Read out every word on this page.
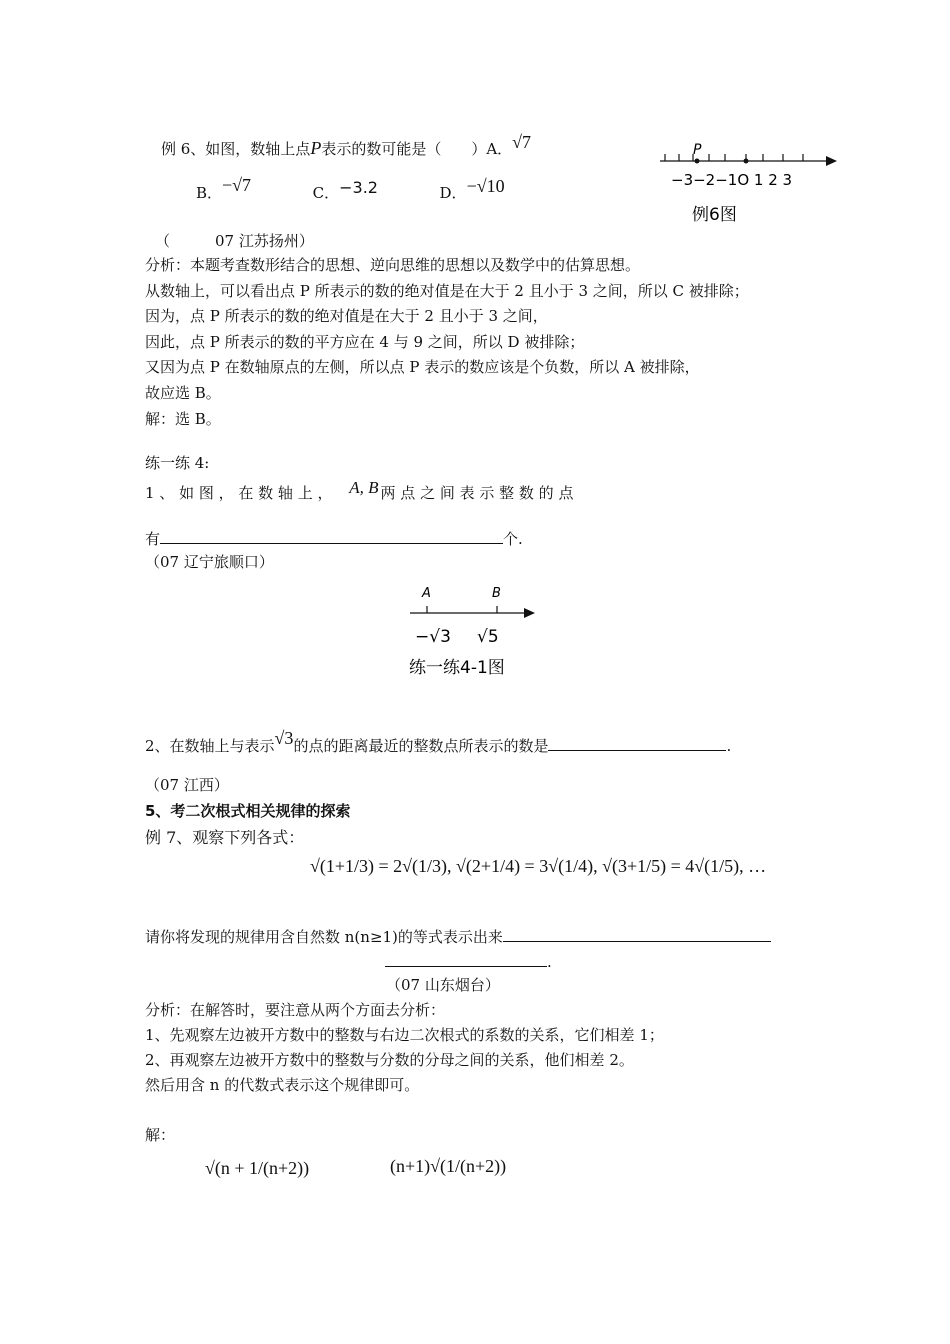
例 6、如图，数轴上点P表示的数可能是（　　）A．√7
B．−√7	C．−3.2	D．−√10
P
−3−2−1O 1 2 3
例6图
（　　　07 江苏扬州）
分析：本题考查数形结合的思想、逆向思维的思想以及数学中的估算思想。
从数轴上，可以看出点 P 所表示的数的绝对值是在大于 2 且小于 3 之间，所以 C 被排除；
因为，点 P 所表示的数的绝对值是在大于 2 且小于 3 之间，
因此，点 P 所表示的数的平方应在 4 与 9 之间，所以 D 被排除；
又因为点 P 在数轴原点的左侧，所以点 P 表示的数应该是个负数，所以 A 被排除，
故应选 B。
解：选 B。
练一练 4:
1 、 如 图 ， 在 数 轴 上 ， A, B 两 点 之 间 表 示 整 数 的 点
有	个.
（07 辽宁旅顺口）
A	B
−√3 √5
练一练4-1图
2、在数轴上与表示√3的点的距离最近的整数点所表示的数是	.
（07 江西）
5、考二次根式相关规律的探索
例 7、观察下列各式：
√(1+1/3) = 2√(1/3), √(2+1/4) = 3√(1/4), √(3+1/5) = 4√(1/5), …
请你将发现的规律用含自然数 n(n≥1)的等式表示出来
.
（07 山东烟台）
分析：在解答时，要注意从两个方面去分析：
1、先观察左边被开方数中的整数与右边二次根式的系数的关系，它们相差 1；
2、再观察左边被开方数中的整数与分数的分母之间的关系，他们相差 2。
然后用含 n 的代数式表示这个规律即可。
解：
√(n + 1/(n+2))	(n+1)√(1/(n+2))
